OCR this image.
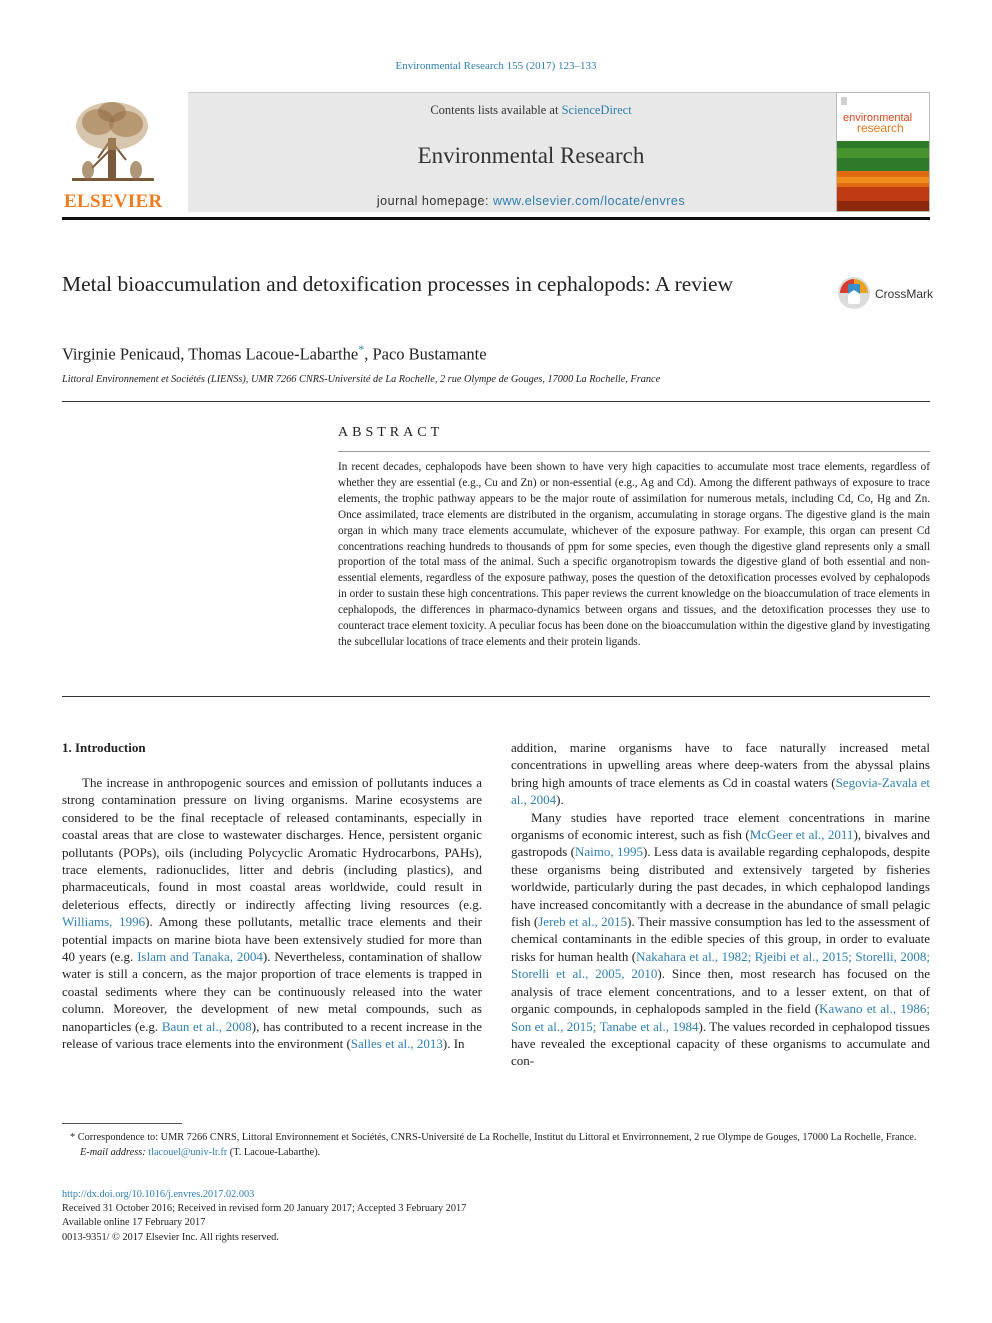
Environmental Research 155 (2017) 123–133
ELSEVIER
Contents lists available at ScienceDirect
Environmental Research
journal homepage: www.elsevier.com/locate/envres
environmental
research
Metal bioaccumulation and detoxification processes in cephalopods: A review	CrossMark
Virginie Penicaud, Thomas Lacoue-Labarthe*, Paco Bustamante
Littoral Environnement et Sociétés (LIENSs), UMR 7266 CNRS-Université de La Rochelle, 2 rue Olympe de Gouges, 17000 La Rochelle, France
ABSTRACT
In recent decades, cephalopods have been shown to have very high capacities to accumulate most trace elements, regardless of whether they are essential (e.g., Cu and Zn) or non-essential (e.g., Ag and Cd). Among the different pathways of exposure to trace elements, the trophic pathway appears to be the major route of assimilation for numerous metals, including Cd, Co, Hg and Zn. Once assimilated, trace elements are distributed in the organism, accumulating in storage organs. The digestive gland is the main organ in which many trace elements accumulate, whichever of the exposure pathway. For example, this organ can present Cd concentrations reaching hundreds to thousands of ppm for some species, even though the digestive gland represents only a small proportion of the total mass of the animal. Such a specific organotropism towards the digestive gland of both essential and non-essential elements, regardless of the exposure pathway, poses the question of the detoxification processes evolved by cephalopods in order to sustain these high concentrations. This paper reviews the current knowledge on the bioaccumulation of trace elements in cephalopods, the differences in pharmaco-dynamics between organs and tissues, and the detoxification processes they use to counteract trace element toxicity. A peculiar focus has been done on the bioaccumulation within the digestive gland by investigating the subcellular locations of trace elements and their protein ligands.
1. Introduction

The increase in anthropogenic sources and emission of pollutants induces a strong contamination pressure on living organisms. Marine ecosystems are considered to be the final receptacle of released contaminants, especially in coastal areas that are close to wastewater discharges. Hence, persistent organic pollutants (POPs), oils (including Polycyclic Aromatic Hydrocarbons, PAHs), trace elements, radionuclides, litter and debris (including plastics), and pharmaceuticals, found in most coastal areas worldwide, could result in deleterious effects, directly or indirectly affecting living resources (e.g. Williams, 1996). Among these pollutants, metallic trace elements and their potential impacts on marine biota have been extensively studied for more than 40 years (e.g. Islam and Tanaka, 2004). Nevertheless, contamination of shallow water is still a concern, as the major proportion of trace elements is trapped in coastal sediments where they can be continuously released into the water column. Moreover, the development of new metal compounds, such as nanoparticles (e.g. Baun et al., 2008), has contributed to a recent increase in the release of various trace elements into the environment (Salles et al., 2013). In

addition, marine organisms have to face naturally increased metal concentrations in upwelling areas where deep-waters from the abyssal plains bring high amounts of trace elements as Cd in coastal waters (Segovia-Zavala et al., 2004).

Many studies have reported trace element concentrations in marine organisms of economic interest, such as fish (McGeer et al., 2011), bivalves and gastropods (Naimo, 1995). Less data is available regarding cephalopods, despite these organisms being distributed and extensively targeted by fisheries worldwide, particularly during the past decades, in which cephalopod landings have increased concomitantly with a decrease in the abundance of small pelagic fish (Jereb et al., 2015). Their massive consumption has led to the assessment of chemical contaminants in the edible species of this group, in order to evaluate risks for human health (Nakahara et al., 1982; Rjeibi et al., 2015; Storelli, 2008; Storelli et al., 2005, 2010). Since then, most research has focused on the analysis of trace element concentrations, and to a lesser extent, on that of organic compounds, in cephalopods sampled in the field (Kawano et al., 1986; Son et al., 2015; Tanabe et al., 1984). The values recorded in cephalopod tissues have revealed the exceptional capacity of these organisms to accumulate and con-

* Correspondence to: UMR 7266 CNRS, Littoral Environnement et Sociétés, CNRS-Université de La Rochelle, Institut du Littoral et Envirronnement, 2 rue Olympe de Gouges, 17000 La Rochelle, France.
E-mail address: tlacouel@univ-lr.fr (T. Lacoue-Labarthe).
http://dx.doi.org/10.1016/j.envres.2017.02.003
Received 31 October 2016; Received in revised form 20 January 2017; Accepted 3 February 2017
Available online 17 February 2017
0013-9351/ © 2017 Elsevier Inc. All rights reserved.
